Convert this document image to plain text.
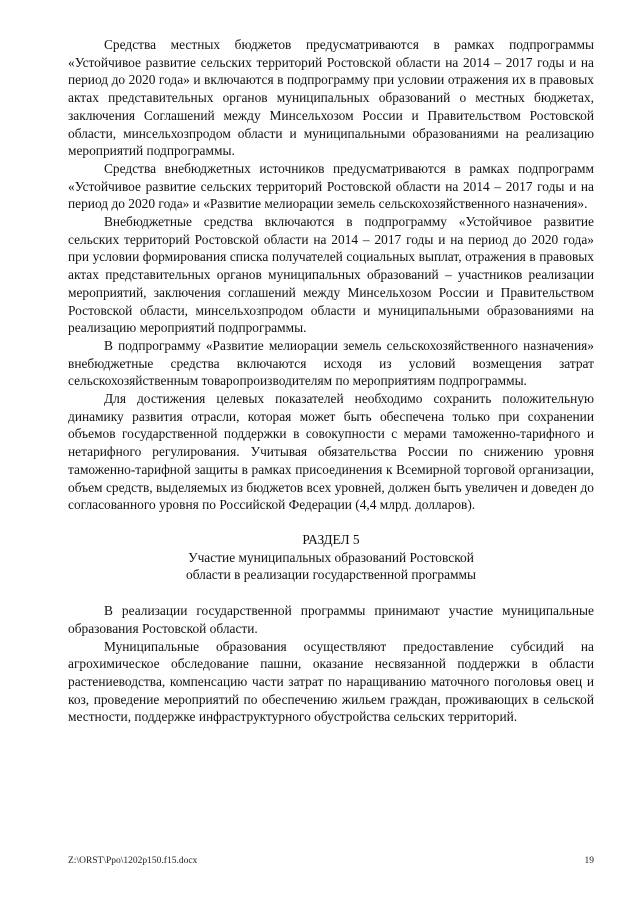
Средства местных бюджетов предусматриваются в рамках подпрограммы «Устойчивое развитие сельских территорий Ростовской области на 2014 – 2017 годы и на период до 2020 года» и включаются в подпрограмму при условии отражения их в правовых актах представительных органов муниципальных образований о местных бюджетах, заключения Соглашений между Минсельхозом России и Правительством Ростовской области, минсельхозпродом области и муниципальными образованиями на реализацию мероприятий подпрограммы.

Средства внебюджетных источников предусматриваются в рамках подпрограмм «Устойчивое развитие сельских территорий Ростовской области на 2014 – 2017 годы и на период до 2020 года» и «Развитие мелиорации земель сельскохозяйственного назначения».

Внебюджетные средства включаются в подпрограмму «Устойчивое развитие сельских территорий Ростовской области на 2014 – 2017 годы и на период до 2020 года» при условии формирования списка получателей социальных выплат, отражения в правовых актах представительных органов муниципальных образований – участников реализации мероприятий, заключения соглашений между Минсельхозом России и Правительством Ростовской области, минсельхозпродом области и муниципальными образованиями на реализацию мероприятий подпрограммы.

В подпрограмму «Развитие мелиорации земель сельскохозяйственного назначения» внебюджетные средства включаются исходя из условий возмещения затрат сельскохозяйственным товаропроизводителям по мероприятиям подпрограммы.

Для достижения целевых показателей необходимо сохранить положительную динамику развития отрасли, которая может быть обеспечена только при сохранении объемов государственной поддержки в совокупности с мерами таможенно-тарифного и нетарифного регулирования. Учитывая обязательства России по снижению уровня таможенно-тарифной защиты в рамках присоединения к Всемирной торговой организации, объем средств, выделяемых из бюджетов всех уровней, должен быть увеличен и доведен до согласованного уровня по Российской Федерации (4,4 млрд. долларов).

РАЗДЕЛ 5

Участие муниципальных образований Ростовской

области в реализации государственной программы

В реализации государственной программы принимают участие муниципальные образования Ростовской области.

Муниципальные образования осуществляют предоставление субсидий на агрохимическое обследование пашни, оказание несвязанной поддержки в области растениеводства, компенсацию части затрат по наращиванию маточного поголовья овец и коз, проведение мероприятий по обеспечению жильем граждан, проживающих в сельской местности, поддержке инфраструктурного обустройства сельских территорий.

Z:\ORST\Ppo\1202p150.f15.docx	19
